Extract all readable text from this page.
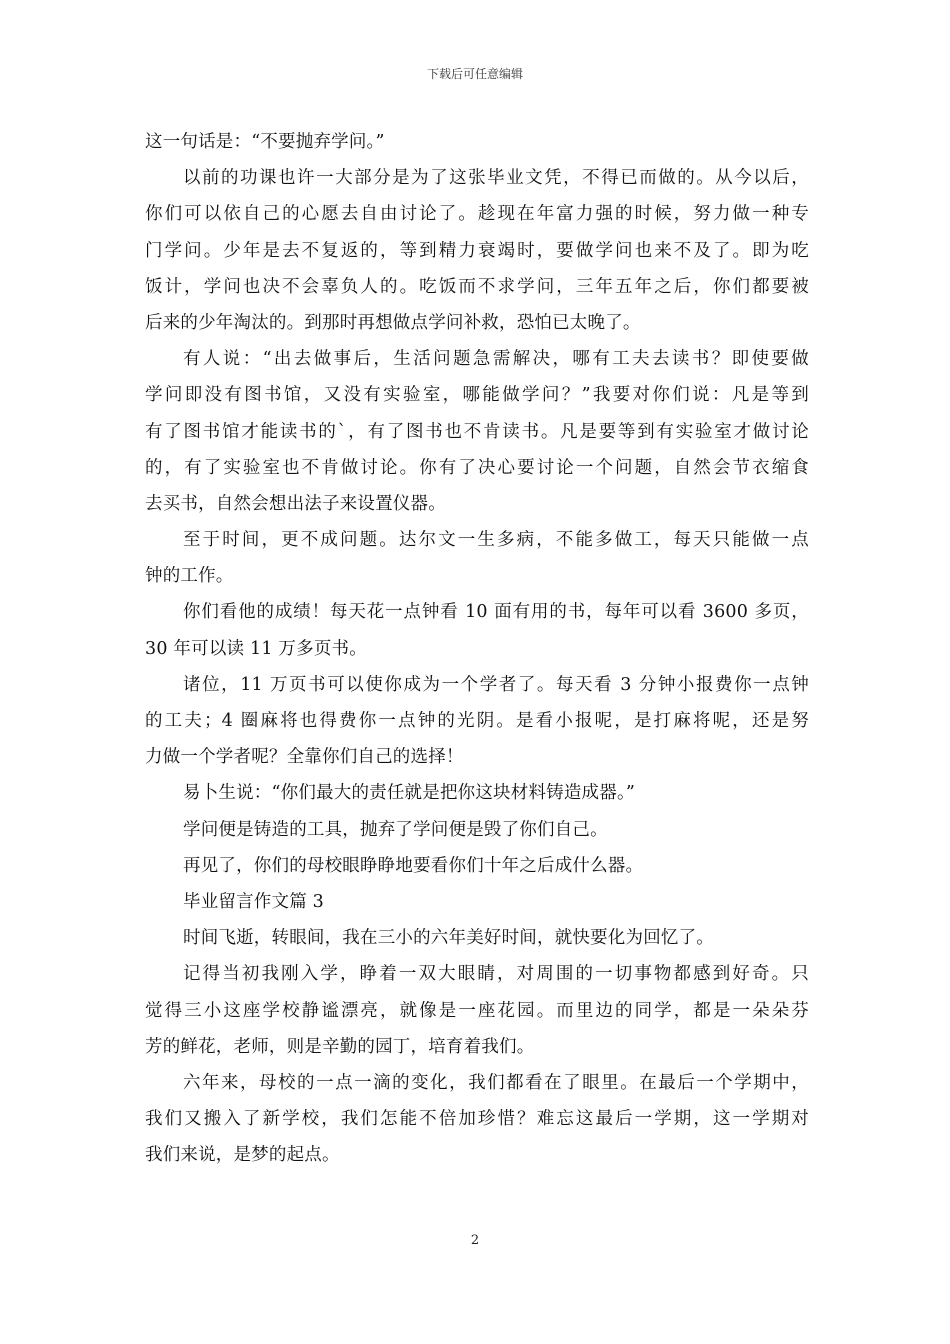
下载后可任意编辑
这一句话是：“不要抛弃学问。”
以前的功课也许一大部分是为了这张毕业文凭，不得已而做的。从今以后，
你们可以依自己的心愿去自由讨论了。趁现在年富力强的时候，努力做一种专
门学问。少年是去不复返的，等到精力衰竭时，要做学问也来不及了。即为吃
饭计，学问也决不会辜负人的。吃饭而不求学问，三年五年之后，你们都要被
后来的少年淘汰的。到那时再想做点学问补救，恐怕已太晚了。
有人说：“出去做事后，生活问题急需解决，哪有工夫去读书？即使要做
学问即没有图书馆，又没有实验室，哪能做学问？”我要对你们说：凡是等到
有了图书馆才能读书的`，有了图书也不肯读书。凡是要等到有实验室才做讨论
的，有了实验室也不肯做讨论。你有了决心要讨论一个问题，自然会节衣缩食
去买书，自然会想出法子来设置仪器。
至于时间，更不成问题。达尔文一生多病，不能多做工，每天只能做一点
钟的工作。
你们看他的成绩！每天花一点钟看 10 面有用的书，每年可以看 3600 多页，
30 年可以读 11 万多页书。
诸位，11 万页书可以使你成为一个学者了。每天看 3 分钟小报费你一点钟
的工夫；4 圈麻将也得费你一点钟的光阴。是看小报呢，是打麻将呢，还是努
力做一个学者呢？全靠你们自己的选择！
易卜生说：“你们最大的责任就是把你这块材料铸造成器。”
学问便是铸造的工具，抛弃了学问便是毁了你们自己。
再见了，你们的母校眼睁睁地要看你们十年之后成什么器。
毕业留言作文篇 3
时间飞逝，转眼间，我在三小的六年美好时间，就快要化为回忆了。
记得当初我刚入学，睁着一双大眼睛，对周围的一切事物都感到好奇。只
觉得三小这座学校静谧漂亮，就像是一座花园。而里边的同学，都是一朵朵芬
芳的鲜花，老师，则是辛勤的园丁，培育着我们。
六年来，母校的一点一滴的变化，我们都看在了眼里。在最后一个学期中，
我们又搬入了新学校，我们怎能不倍加珍惜？难忘这最后一学期，这一学期对
我们来说，是梦的起点。
2
